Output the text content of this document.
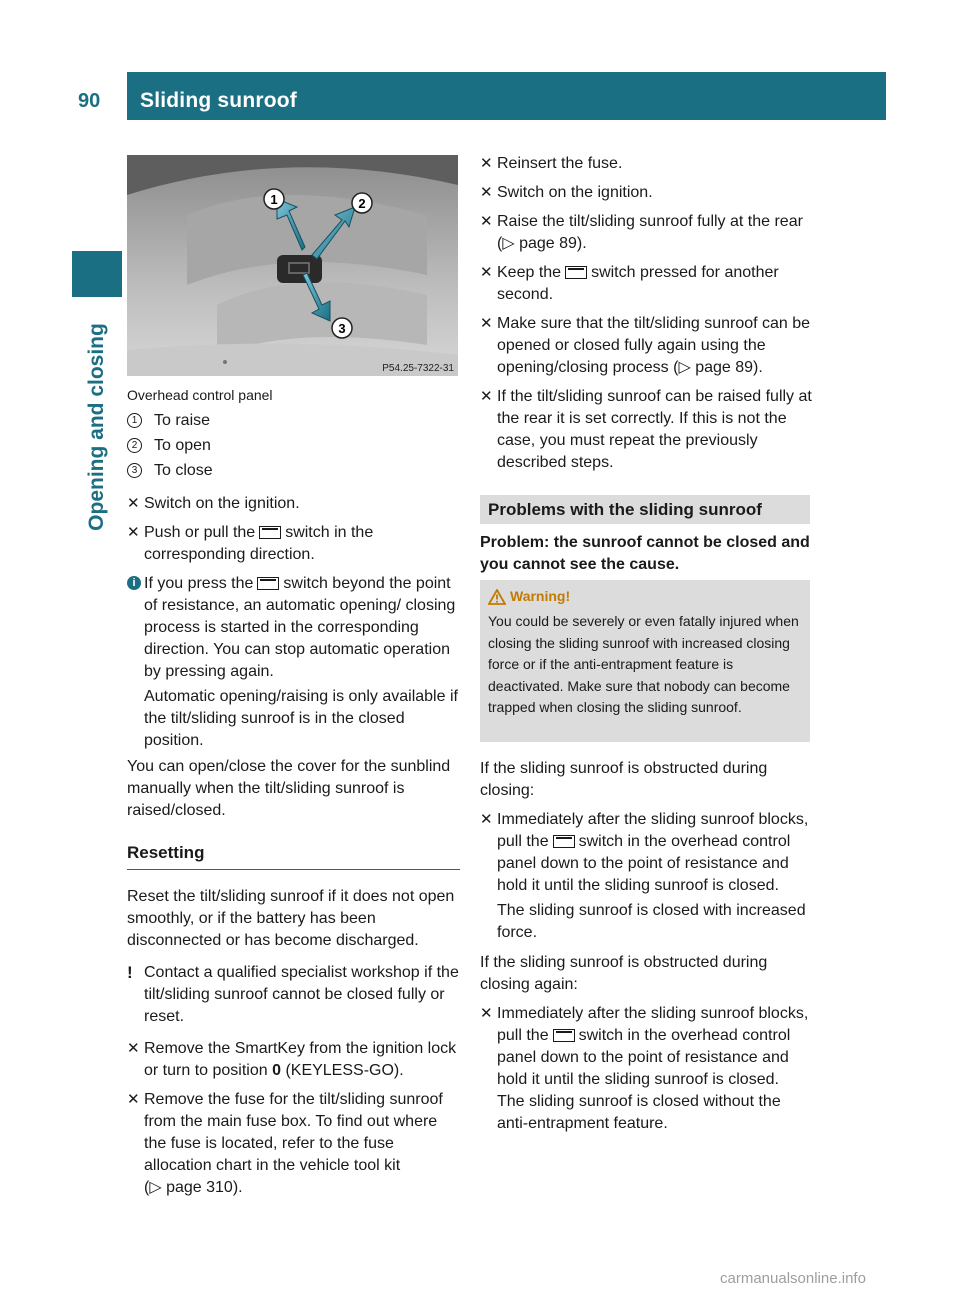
90 Sliding sunroof
Opening and closing
1	2
3
P54.25-7322-31

Overhead control panel

1 To raise
2 To open
3 To close
✕ Switch on the ignition.
✕ Push or pull the switch in the corresponding direction.
i If you press the switch beyond the point of resistance, an automatic opening/ closing process is started in the corresponding direction. You can stop automatic operation by pressing again.

Automatic opening/raising is only available if the tilt/sliding sunroof is in the closed position.

You can open/close the cover for the sunblind manually when the tilt/sliding sunroof is raised/closed.

Resetting

Reset the tilt/sliding sunroof if it does not open smoothly, or if the battery has been disconnected or has become discharged.

! Contact a qualified specialist workshop if the tilt/sliding sunroof cannot be closed fully or reset.
✕ Remove the SmartKey from the ignition lock or turn to position 0 (KEYLESS-GO).
✕ Remove the fuse for the tilt/sliding sunroof from the main fuse box. To find out where the fuse is located, refer to the fuse allocation chart in the vehicle tool kit
(▷ page 310).
✕ Reinsert the fuse.
✕ Switch on the ignition.
✕ Raise the tilt/sliding sunroof fully at the rear (▷ page 89).
✕ Keep the switch pressed for another second.
✕ Make sure that the tilt/sliding sunroof can be opened or closed fully again using the opening/closing process (▷ page 89).
✕ If the tilt/sliding sunroof can be raised fully at the rear it is set correctly. If this is not the case, you must repeat the previously described steps.
Problems with the sliding sunroof

Problem: the sunroof cannot be closed and you cannot see the cause.

Warning!

You could be severely or even fatally injured when closing the sliding sunroof with increased closing force or if the anti-entrapment feature is deactivated. Make sure that nobody can become trapped when closing the sliding sunroof.

If the sliding sunroof is obstructed during closing:

✕ Immediately after the sliding sunroof blocks, pull the switch in the overhead control panel down to the point of resistance and hold it until the sliding sunroof is closed.

The sliding sunroof is closed with increased force.

If the sliding sunroof is obstructed during closing again:

✕ Immediately after the sliding sunroof blocks, pull the switch in the overhead control panel down to the point of resistance and hold it until the sliding sunroof is closed.

The sliding sunroof is closed without the anti-entrapment feature.

carmanualsonline.info
